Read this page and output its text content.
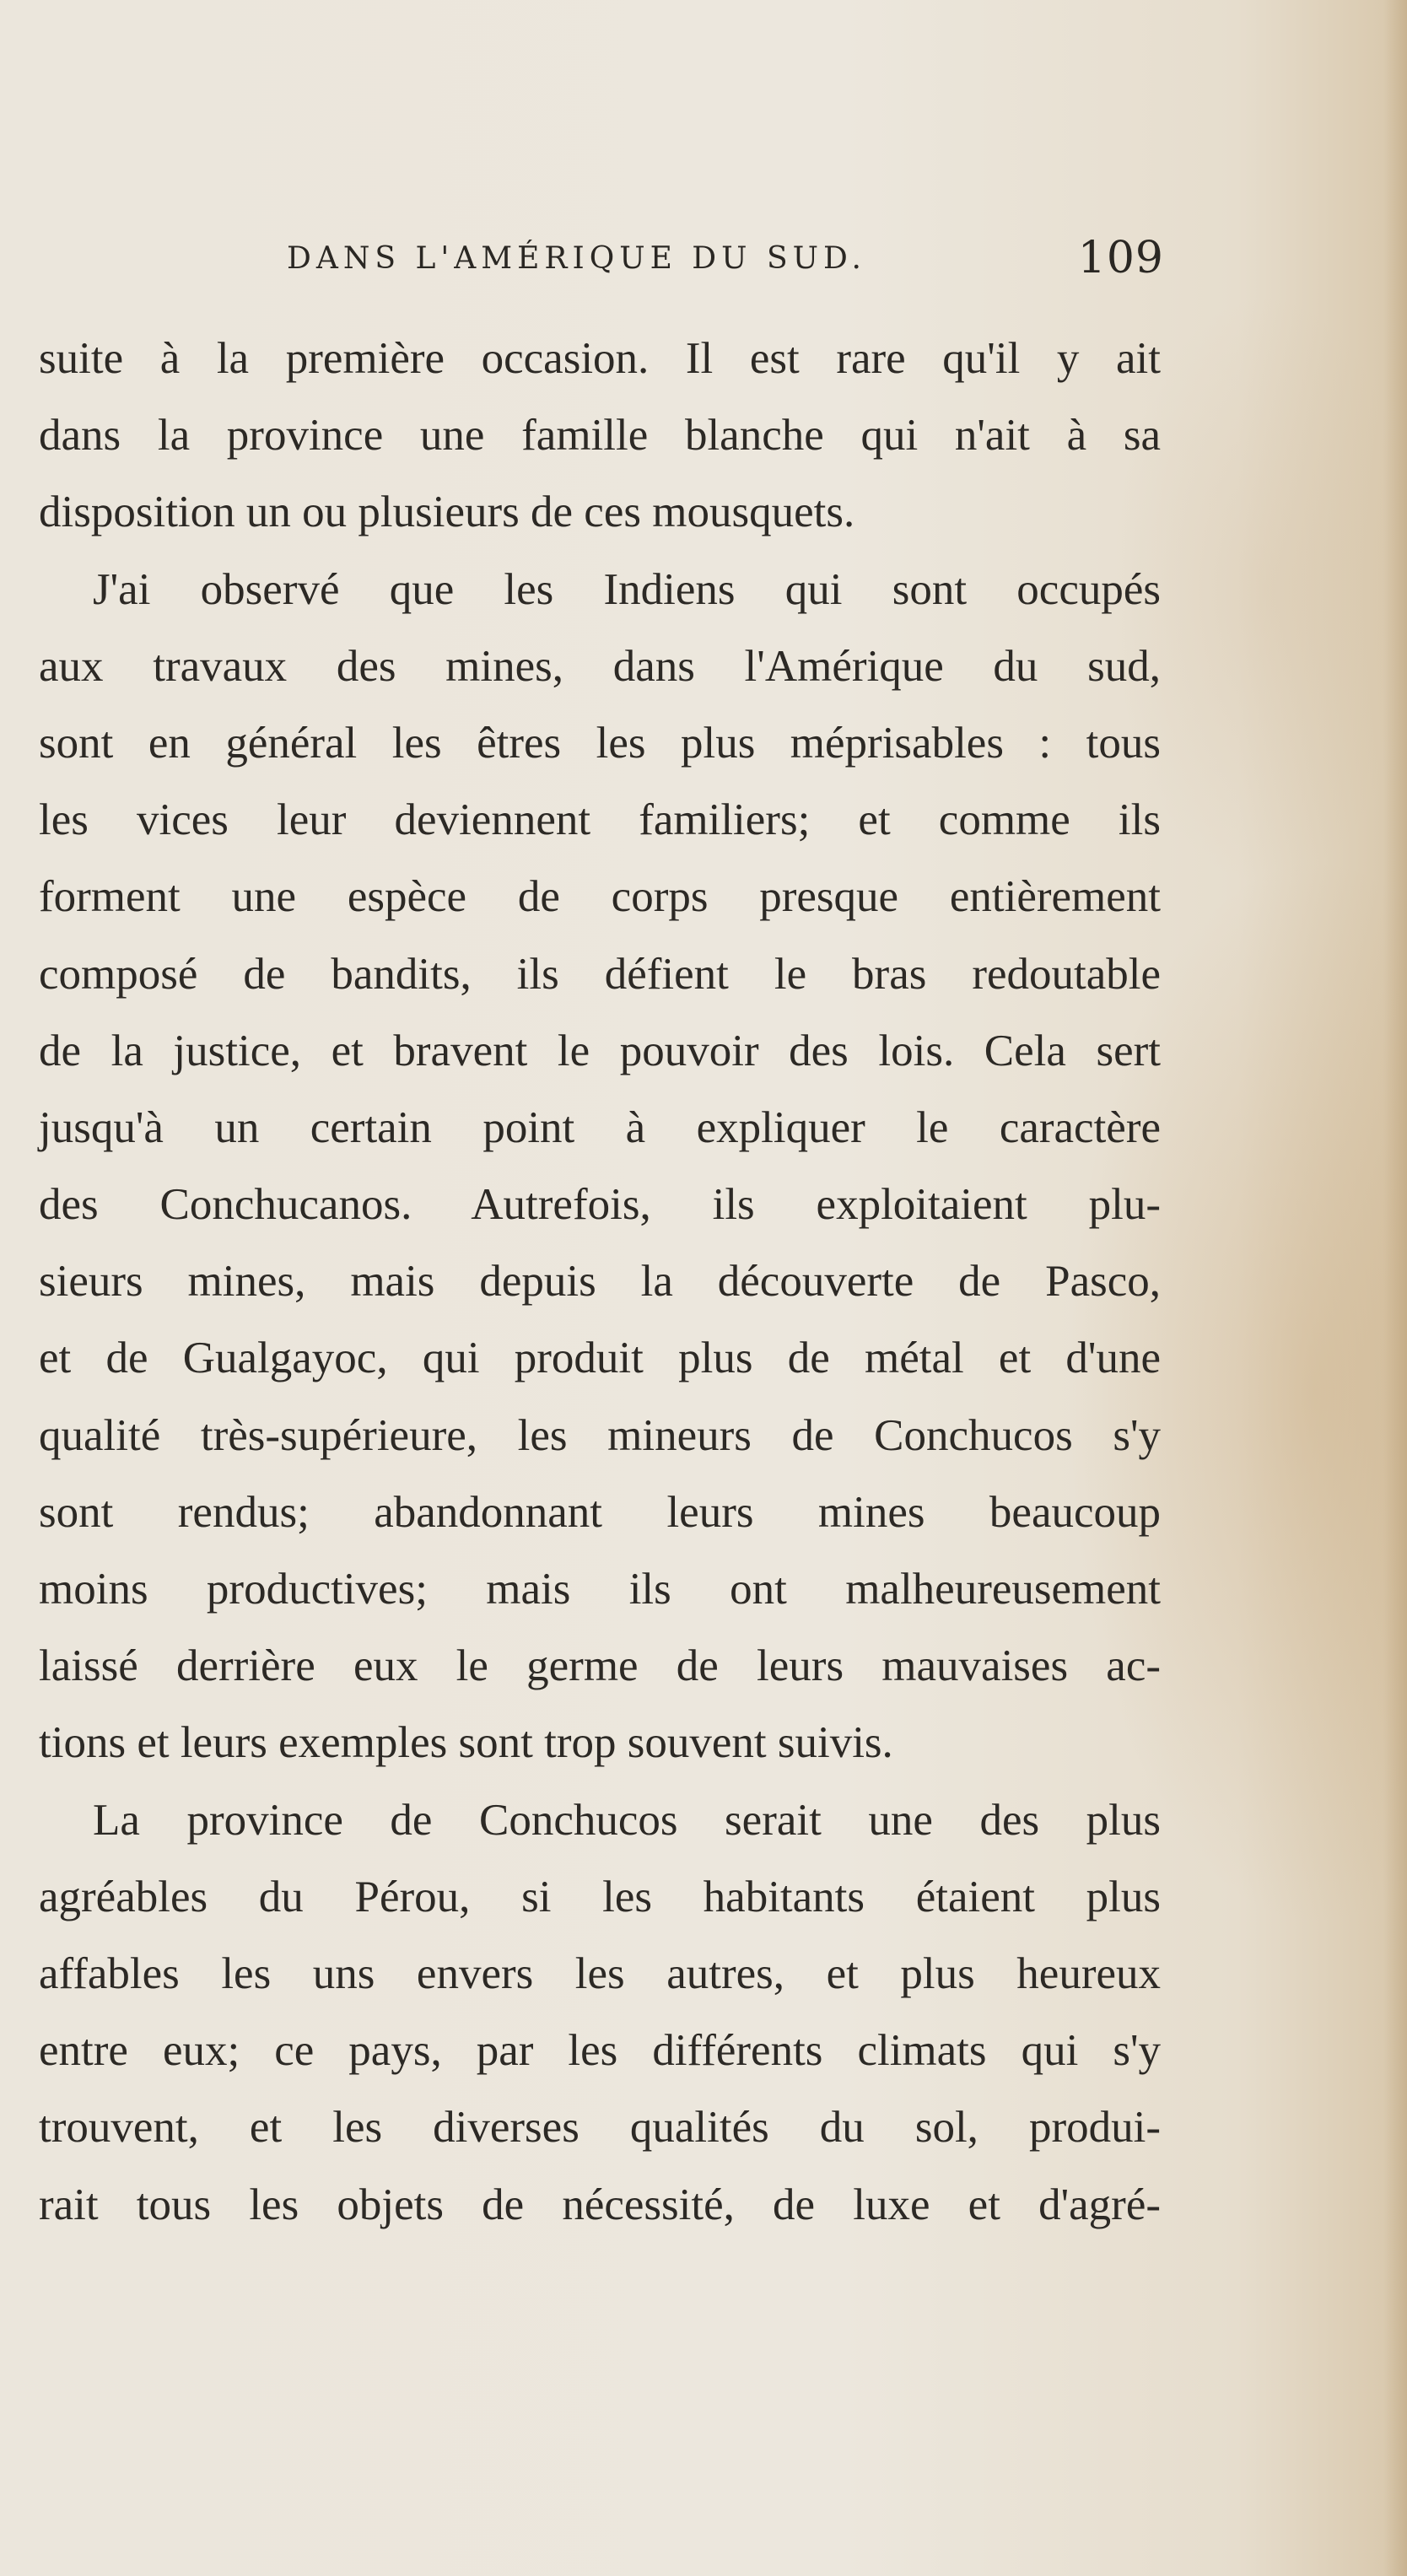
DANS L'AMÉRIQUE DU SUD.	109
suite à la première occasion. Il est rare qu'il y ait
dans la province une famille blanche qui n'ait à sa
disposition un ou plusieurs de ces mousquets.
J'ai observé que les Indiens qui sont occupés
aux travaux des mines, dans l'Amérique du sud,
sont en général les êtres les plus méprisables : tous
les vices leur deviennent familiers; et comme ils
forment une espèce de corps presque entièrement
composé de bandits, ils défient le bras redoutable
de la justice, et bravent le pouvoir des lois. Cela sert
jusqu'à un certain point à expliquer le caractère
des Conchucanos. Autrefois, ils exploitaient plu-
sieurs mines, mais depuis la découverte de Pasco,
et de Gualgayoc, qui produit plus de métal et d'une
qualité très-supérieure, les mineurs de Conchucos s'y
sont rendus; abandonnant leurs mines beaucoup
moins productives; mais ils ont malheureusement
laissé derrière eux le germe de leurs mauvaises ac-
tions et leurs exemples sont trop souvent suivis.
La province de Conchucos serait une des plus
agréables du Pérou, si les habitants étaient plus
affables les uns envers les autres, et plus heureux
entre eux; ce pays, par les différents climats qui s'y
trouvent, et les diverses qualités du sol, produi-
rait tous les objets de nécessité, de luxe et d'agré-
